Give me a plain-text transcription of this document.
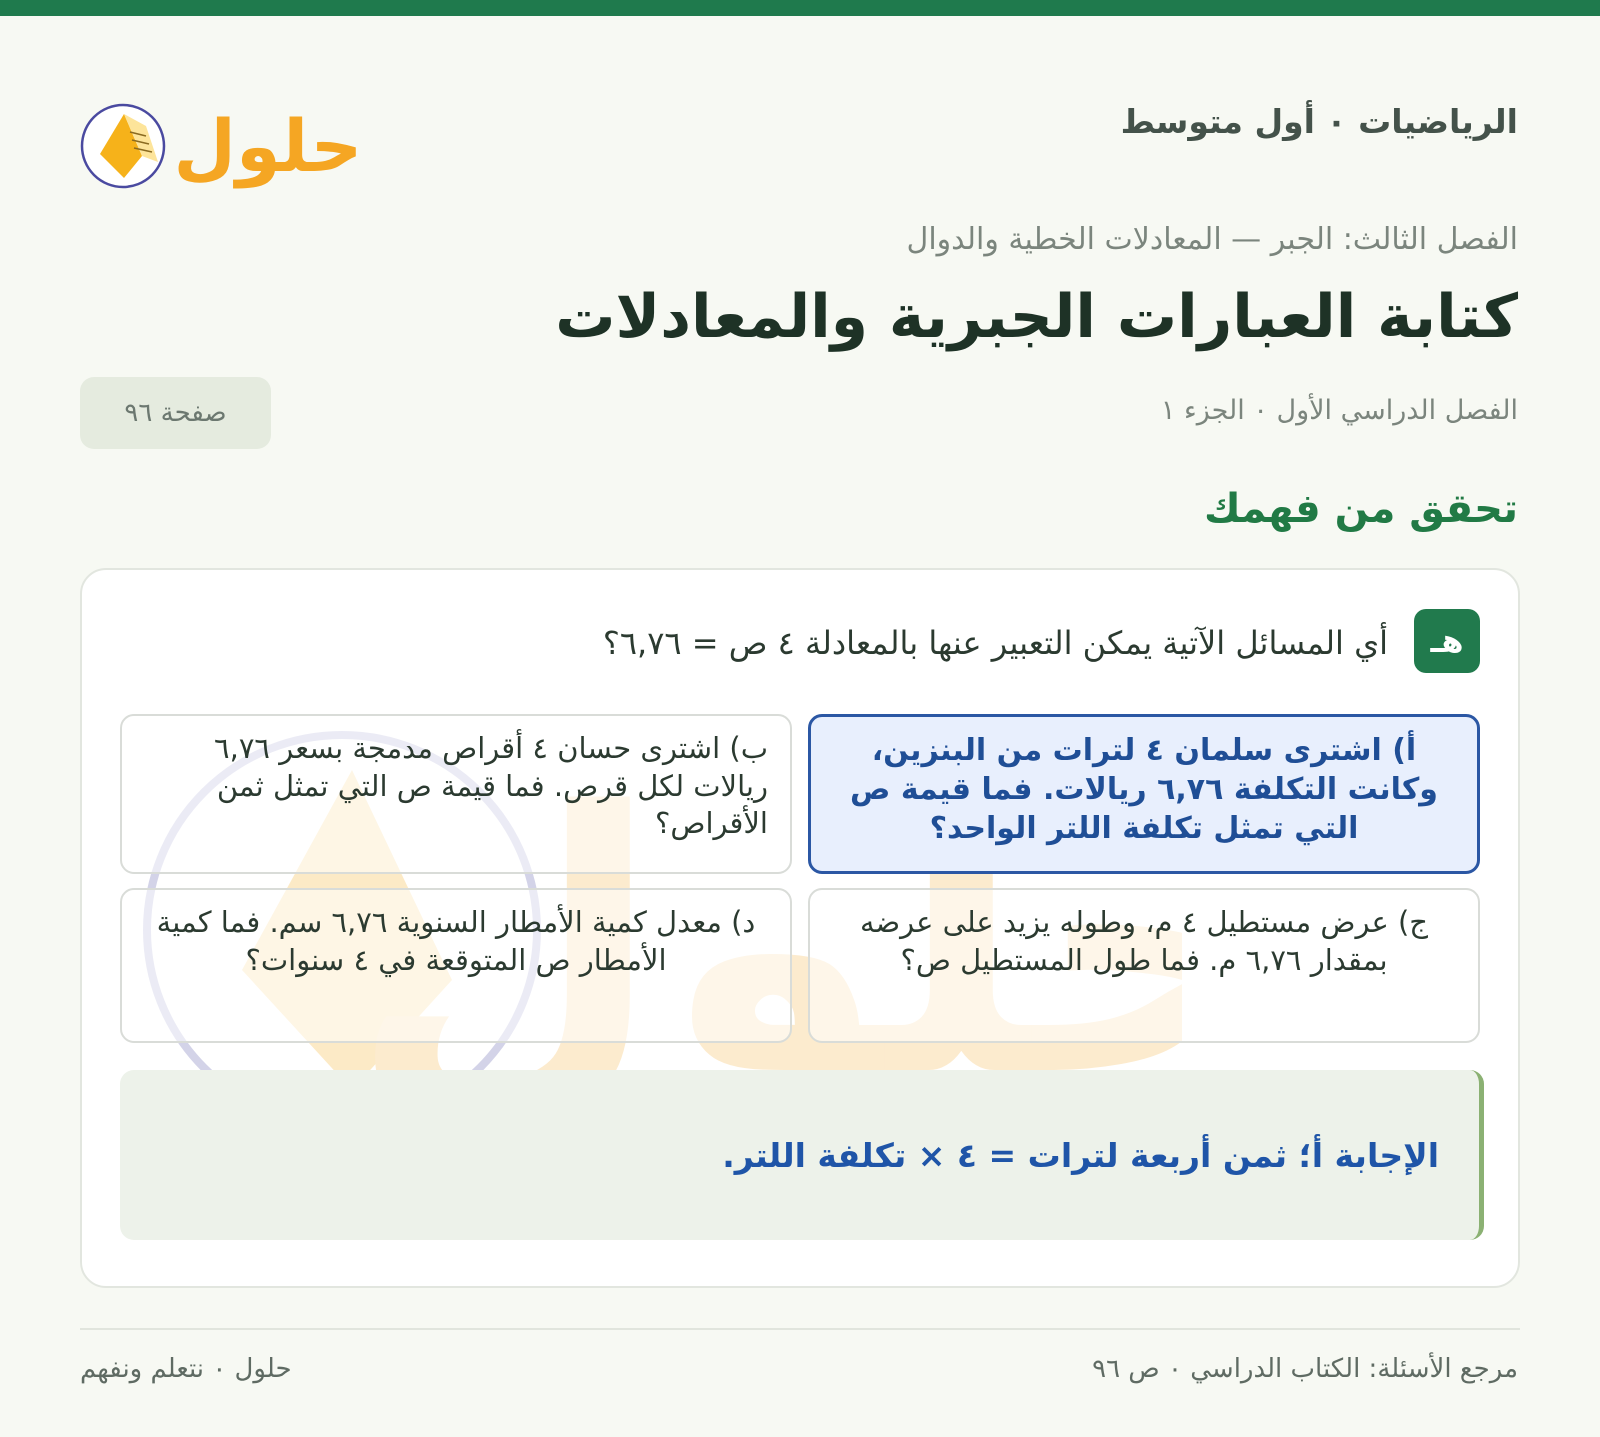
الرياضيات ٠ أول متوسط
حلول
الفصل الثالث: الجبر — المعادلات الخطية والدوال
كتابة العبارات الجبرية والمعادلات
الفصل الدراسي الأول ٠ الجزء ١
صفحة ٩٦
تحقق من فهمك
هـ
أي المسائل الآتية يمكن التعبير عنها بالمعادلة ٤ ص = ٦,٧٦؟
أ) اشترى سلمان ٤ لترات من البنزين، وكانت التكلفة ٦,٧٦ ريالات. فما قيمة ص التي تمثل تكلفة اللتر الواحد؟
ب) اشترى حسان ٤ أقراص مدمجة بسعر ٦,٧٦ ريالات لكل قرص. فما قيمة ص التي تمثل ثمن الأقراص؟
ج) عرض مستطيل ٤ م، وطوله يزيد على عرضه بمقدار ٦,٧٦ م. فما طول المستطيل ص؟
د) معدل كمية الأمطار السنوية ٦,٧٦ سم. فما كمية الأمطار ص المتوقعة في ٤ سنوات؟
الإجابة أ؛ ثمن أربعة لترات = ٤ × تكلفة اللتر.
مرجع الأسئلة: الكتاب الدراسي ٠ ص ٩٦
حلول ٠ نتعلم ونفهم
